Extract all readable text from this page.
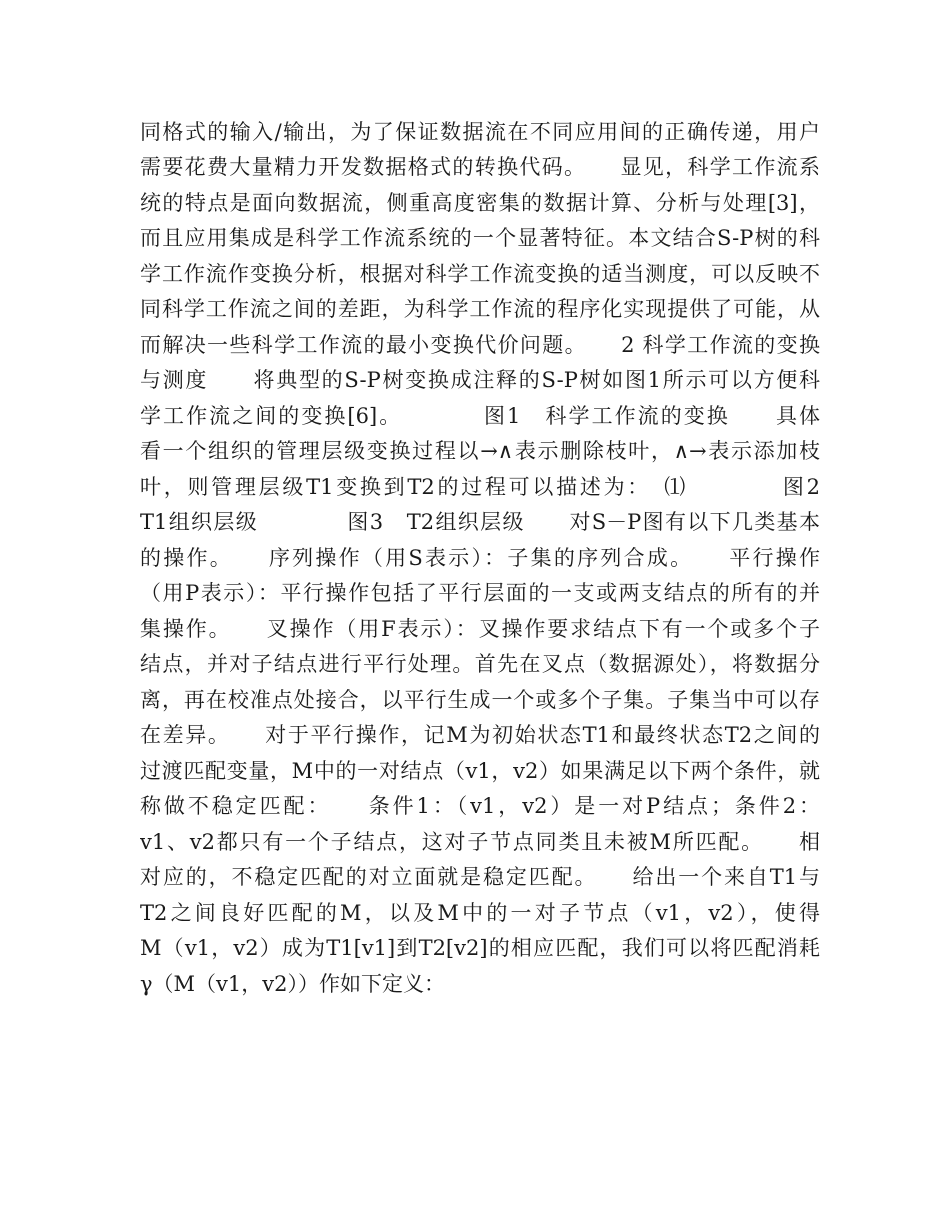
同格式的输入/输出，为了保证数据流在不同应用间的正确传递，用户
需要花费大量精力开发数据格式的转换代码。　　显见，科学工作流系
统的特点是面向数据流，侧重高度密集的数据计算、分析与处理[3]，
而且应用集成是科学工作流系统的一个显著特征。本文结合S-P树的科
学工作流作变换分析，根据对科学工作流变换的适当测度，可以反映不
同科学工作流之间的差距，为科学工作流的程序化实现提供了可能，从
而解决一些科学工作流的最小变换代价问题。　　2 科学工作流的变换
与测度　　将典型的S-P树变换成注释的S-P树如图1所示可以方便科
学工作流之间的变换[6]。　　　　图1　科学工作流的变换　　具体
看一个组织的管理层级变换过程以→∧表示删除枝叶，∧→表示添加枝
叶，则管理层级T1变换到T2的过程可以描述为：　⑴　　　　图2
T1组织层级　　　　图3　T2组织层级　　对S－P图有以下几类基本
的操作。　　序列操作（用S表示）：子集的序列合成。　　平行操作
（用P表示）：平行操作包括了平行层面的一支或两支结点的所有的并
集操作。　　叉操作（用F表示）：叉操作要求结点下有一个或多个子
结点，并对子结点进行平行处理。首先在叉点（数据源处），将数据分
离，再在校准点处接合，以平行生成一个或多个子集。子集当中可以存
在差异。　　对于平行操作，记M为初始状态T1和最终状态T2之间的
过渡匹配变量，M中的一对结点（v1，v2）如果满足以下两个条件，就
称做不稳定匹配：　　条件1：（v1，v2）是一对P结点；条件2：
v1、v2都只有一个子结点，这对子节点同类且未被M所匹配。　　相
对应的，不稳定匹配的对立面就是稳定匹配。　　给出一个来自T1与
T2之间良好匹配的M，以及M中的一对子节点（v1，v2），使得
M（v1，v2）成为T1[v1]到T2[v2]的相应匹配，我们可以将匹配消耗
γ（M（v1，v2））作如下定义：
